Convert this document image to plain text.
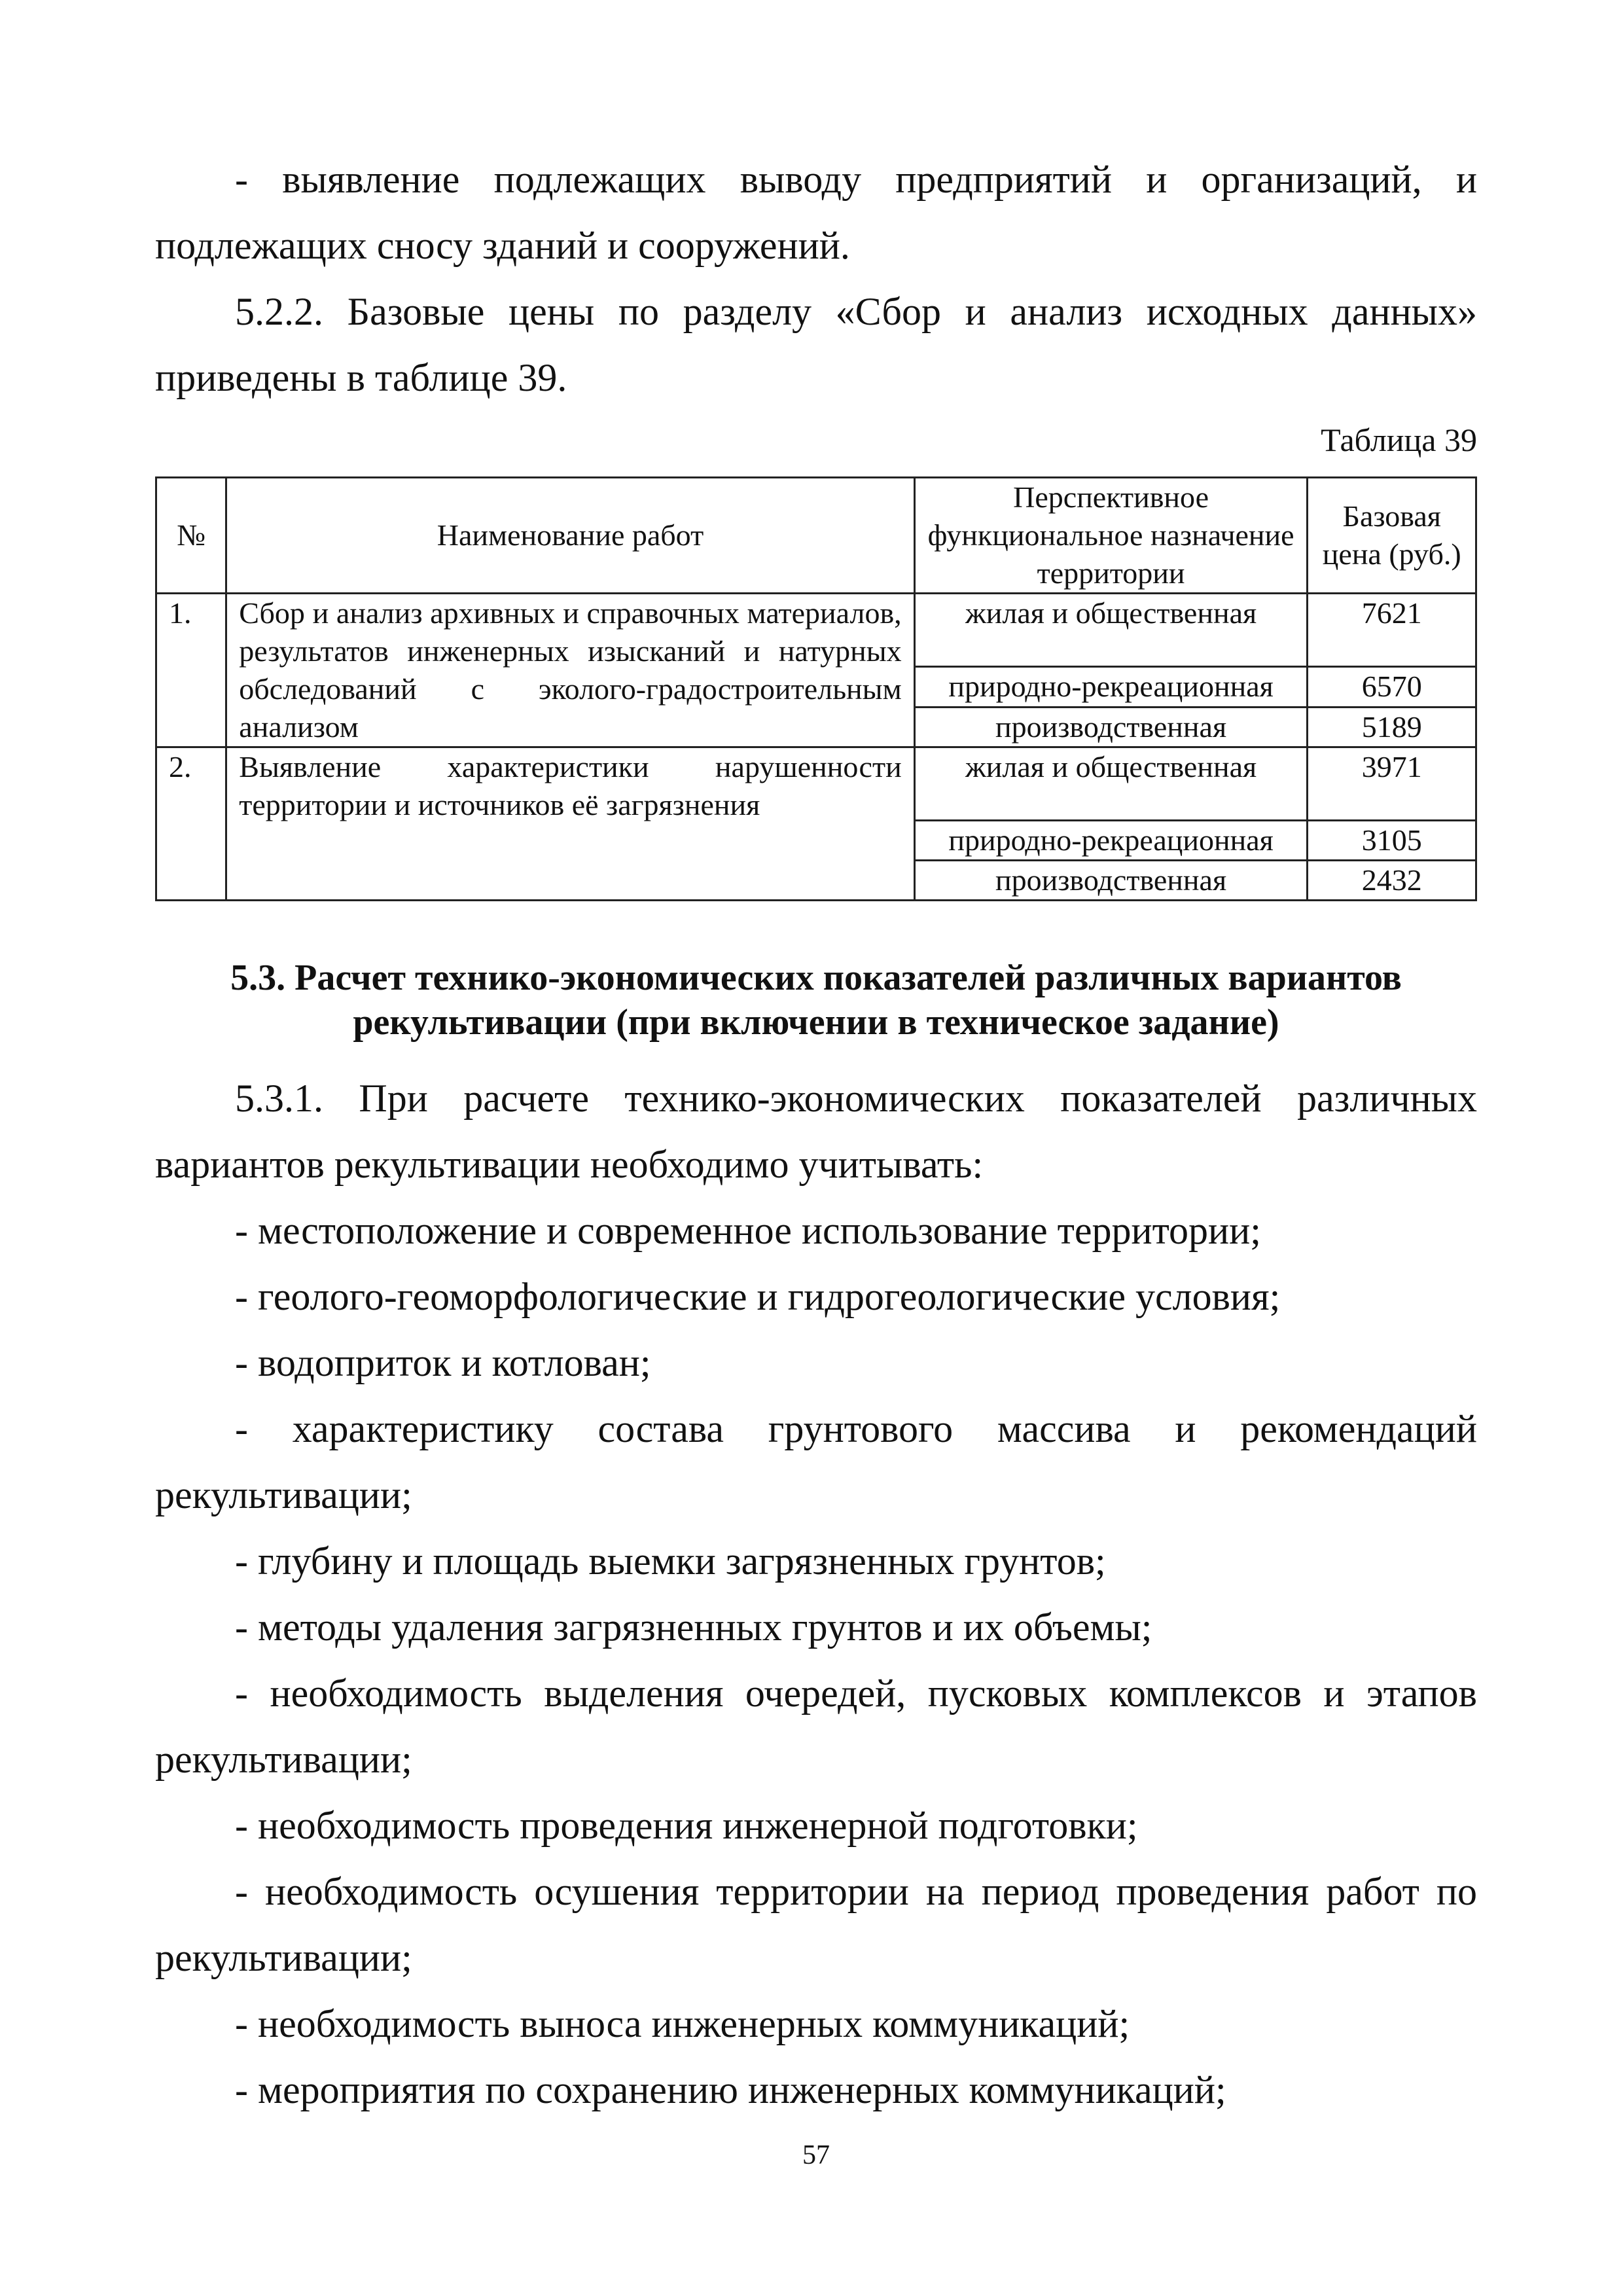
- выявление подлежащих выводу предприятий и организаций, и подлежащих сносу зданий и сооружений.

5.2.2. Базовые цены по разделу «Сбор и анализ исходных данных» приведены в таблице 39.

Таблица 39
№	Наименование работ	Перспективное функциональное назначение территории	Базовая цена (руб.)
1.	Сбор и анализ архивных и справочных материалов, результатов инженерных изысканий и натурных обследований с эколого-градостроительным анализом	жилая и общественная	7621
		природно-рекреационная	6570
		производственная	5189
2.	Выявление характеристики нарушенности территории и источников её загрязнения	жилая и общественная	3971
		природно-рекреационная	3105
		производственная	2432
5.3. Расчет технико-экономических показателей различных вариантов рекультивации (при включении в техническое задание)

5.3.1. При расчете технико-экономических показателей различных вариантов рекультивации необходимо учитывать:

- местоположение и современное использование территории;

- геолого-геоморфологические и гидрогеологические условия;

- водоприток и котлован;

- характеристику состава грунтового массива и рекомендаций рекультивации;

- глубину и площадь выемки загрязненных грунтов;

- методы удаления загрязненных грунтов и их объемы;

- необходимость выделения очередей, пусковых комплексов и этапов рекультивации;

- необходимость проведения инженерной подготовки;

- необходимость осушения территории на период проведения работ по рекультивации;

- необходимость выноса инженерных коммуникаций;

- мероприятия по сохранению инженерных коммуникаций;

57
